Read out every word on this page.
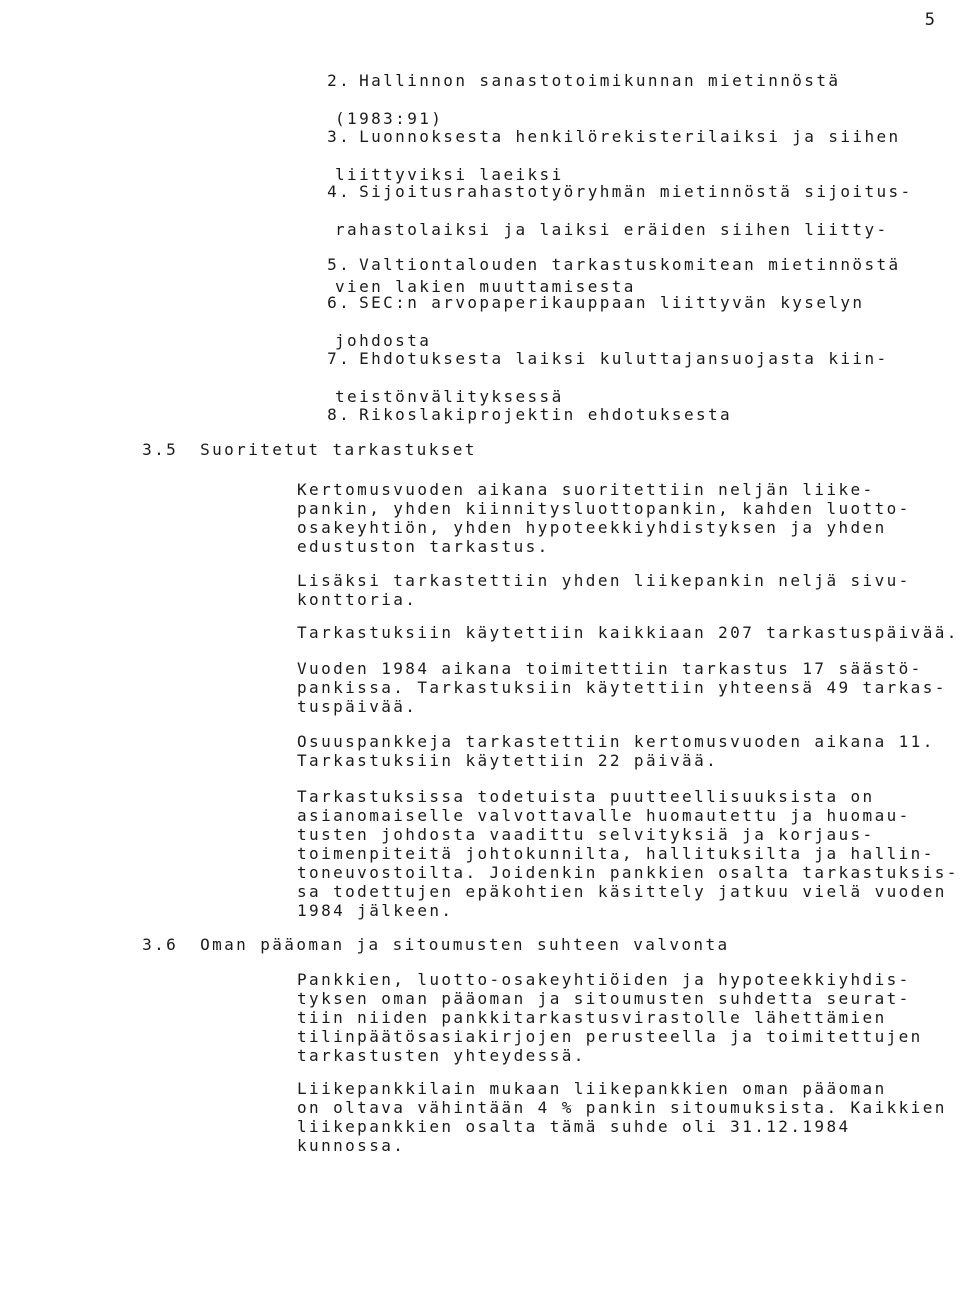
5

2. Hallinnon sanastotoimikunnan mietinnöstä

(1983:91)

3. Luonnoksesta henkilörekisterilaiksi ja siihen

liittyviksi laeiksi

4. Sijoitusrahastotyöryhmän mietinnöstä sijoitus-

rahastolaiksi ja laiksi eräiden siihen liitty-

vien lakien muuttamisesta

5. Valtiontalouden tarkastuskomitean mietinnöstä

6. SEC:n arvopaperikauppaan liittyvän kyselyn

johdosta

7. Ehdotuksesta laiksi kuluttajansuojasta kiin-

teistönvälityksessä

8. Rikoslakiprojektin ehdotuksesta

3.5 Suoritetut tarkastukset

Kertomusvuoden aikana suoritettiin neljän liike-
pankin, yhden kiinnitysluottopankin, kahden luotto-
osakeyhtiön, yhden hypoteekkiyhdistyksen ja yhden
edustuston tarkastus.

Lisäksi tarkastettiin yhden liikepankin neljä sivu-
konttoria.

Tarkastuksiin käytettiin kaikkiaan 207 tarkastuspäivää.

Vuoden 1984 aikana toimitettiin tarkastus 17 säästö-
pankissa. Tarkastuksiin käytettiin yhteensä 49 tarkas-
tuspäivää.

Osuuspankkeja tarkastettiin kertomusvuoden aikana 11.
Tarkastuksiin käytettiin 22 päivää.

Tarkastuksissa todetuista puutteellisuuksista on
asianomaiselle valvottavalle huomautettu ja huomau-
tusten johdosta vaadittu selvityksiä ja korjaus-
toimenpiteitä johtokunnilta, hallituksilta ja hallin-
toneuvostoilta. Joidenkin pankkien osalta tarkastuksis-
sa todettujen epäkohtien käsittely jatkuu vielä vuoden
1984 jälkeen.

3.6 Oman pääoman ja sitoumusten suhteen valvonta

Pankkien, luotto-osakeyhtiöiden ja hypoteekkiyhdis-
tyksen oman pääoman ja sitoumusten suhdetta seurat-
tiin niiden pankkitarkastusvirastolle lähettämien
tilinpäätösasiakirjojen perusteella ja toimitettujen
tarkastusten yhteydessä.

Liikepankkilain mukaan liikepankkien oman pääoman
on oltava vähintään 4 % pankin sitoumuksista. Kaikkien
liikepankkien osalta tämä suhde oli 31.12.1984
kunnossa.
